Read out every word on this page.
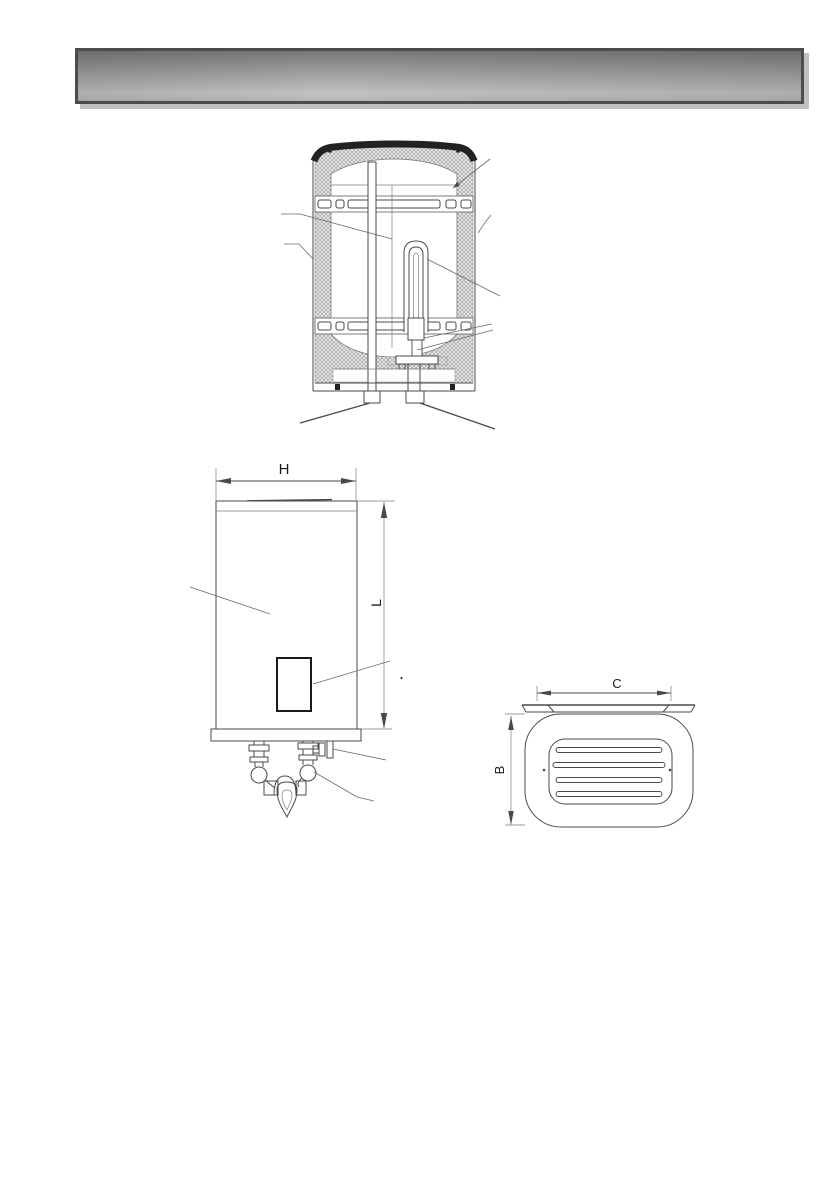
H
L
.
C
B
